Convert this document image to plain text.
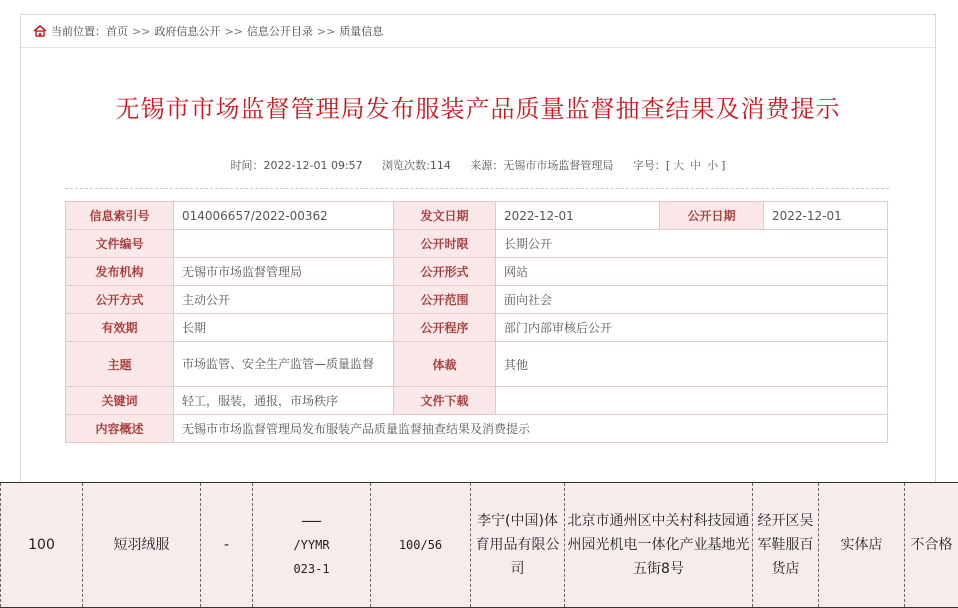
当前位置： 首页 >> 政府信息公开 >> 信息公开目录 >> 质量信息
无锡市市场监督管理局发布服装产品质量监督抽查结果及消费提示
时间：2022-12-01 09:57 浏览次数:114 来源：无锡市市场监督管理局 字号：[ 大 中 小 ]
信息索引号	014006657/2022-00362	发文日期	2022-12-01	公开日期	2022-12-01
文件编号		公开时限	长期公开		
发布机构	无锡市市场监督管理局	公开形式	网站		
公开方式	主动公开	公开范围	面向社会		
有效期	长期	公开程序	部门内部审核后公开		
主题	市场监管、安全生产监管—质量监督	体裁	其他		
关键词	轻工，服装，通报，市场秩序	文件下载			
内容概述	无锡市市场监督管理局发布服装产品质量监督抽查结果及消费提示				
100	短羽绒服	-	
——
/YYMR
023-1
	100/56	李宁(中国)体育用品有限公司	北京市通州区中关村科技园通州园光机电一体化产业基地光五街8号	经开区吴军鞋服百货店	实体店	不合格
